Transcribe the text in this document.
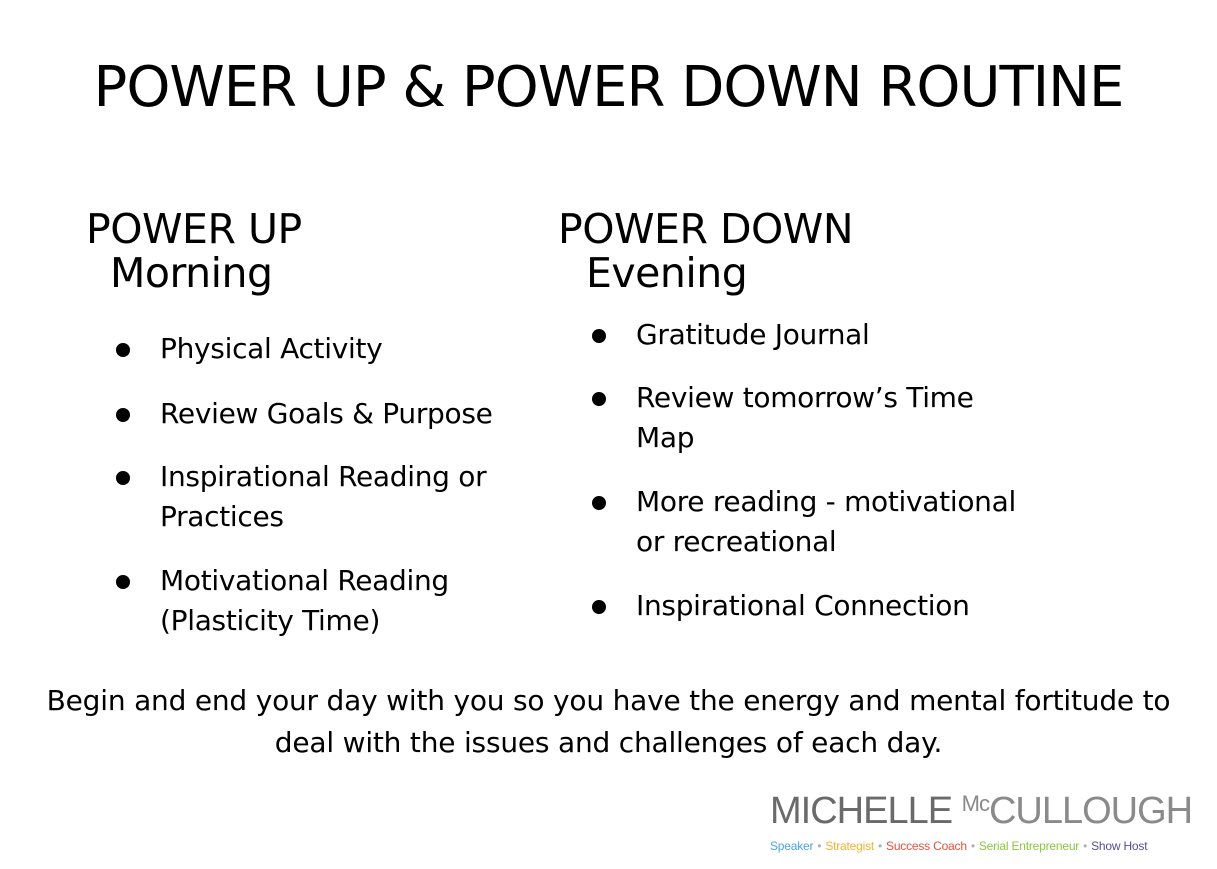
POWER UP & POWER DOWN ROUTINE
POWER UP
Morning
Physical Activity
Review Goals & Purpose
Inspirational Reading or
Practices
Motivational Reading
(Plasticity Time)
POWER DOWN
Evening
Gratitude Journal
Review tomorrow’s Time
Map
More reading - motivational
or recreational
Inspirational Connection
Begin and end your day with you so you have the energy and mental fortitude to
deal with the issues and challenges of each day.
MICHELLE $^{Mc}$CULLOUGH
Speaker • Strategist • Success Coach • Serial Entrepreneur • Show Host
